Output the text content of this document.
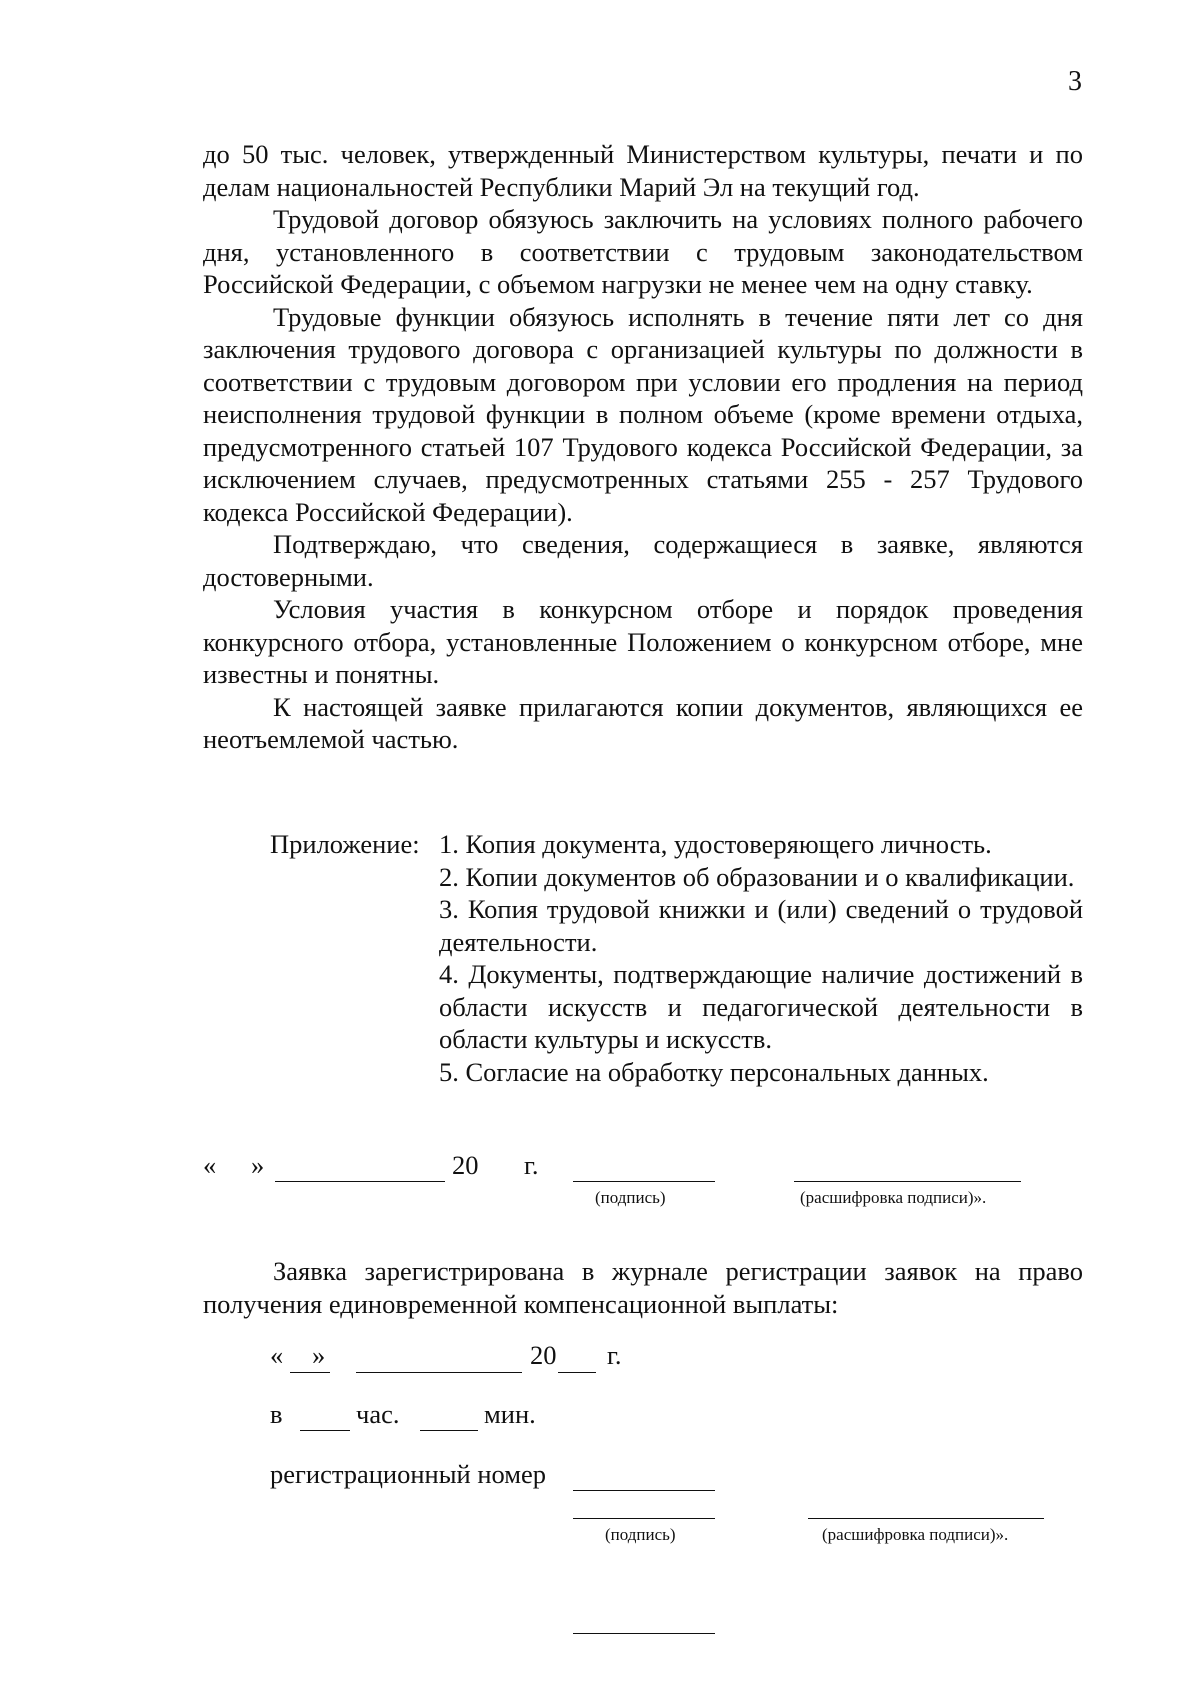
3

до 50 тыс. человек, утвержденный Министерством культуры, печати и по делам национальностей Республики Марий Эл на текущий год.

Трудовой договор обязуюсь заключить на условиях полного рабочего дня, установленного в соответствии с трудовым законодательством Российской Федерации, с объемом нагрузки не менее чем на одну ставку.

Трудовые функции обязуюсь исполнять в течение пяти лет со дня заключения трудового договора с организацией культуры по должности в соответствии с трудовым договором при условии его продления на период неисполнения трудовой функции в полном объеме (кроме времени отдыха, предусмотренного статьей 107 Трудового кодекса Российской Федерации, за исключением случаев, предусмотренных статьями 255 - 257 Трудового кодекса Российской Федерации).

Подтверждаю, что сведения, содержащиеся в заявке, являются достоверными.

Условия участия в конкурсном отборе и порядок проведения конкурсного отбора, установленные Положением о конкурсном отборе, мне известны и понятны.

К настоящей заявке прилагаются копии документов, являющихся ее неотъемлемой частью.

Приложение: 1. Копия документа, удостоверяющего личность.

2. Копии документов об образовании и о квалификации.

3. Копия трудовой книжки и (или) сведений о трудовой деятельности.

4. Документы, подтверждающие наличие достижений в области искусств и педагогической деятельности в области культуры и искусств.

5. Согласие на обработку персональных данных.

« »	20 г.
(подпись)	(расшифровка подписи)».

Заявка зарегистрирована в журнале регистрации заявок на право получения единовременной компенсационной выплаты:

« »	20 г.
в	час.	мин.
регистрационный номер
(подпись)	(расшифровка подписи)».
